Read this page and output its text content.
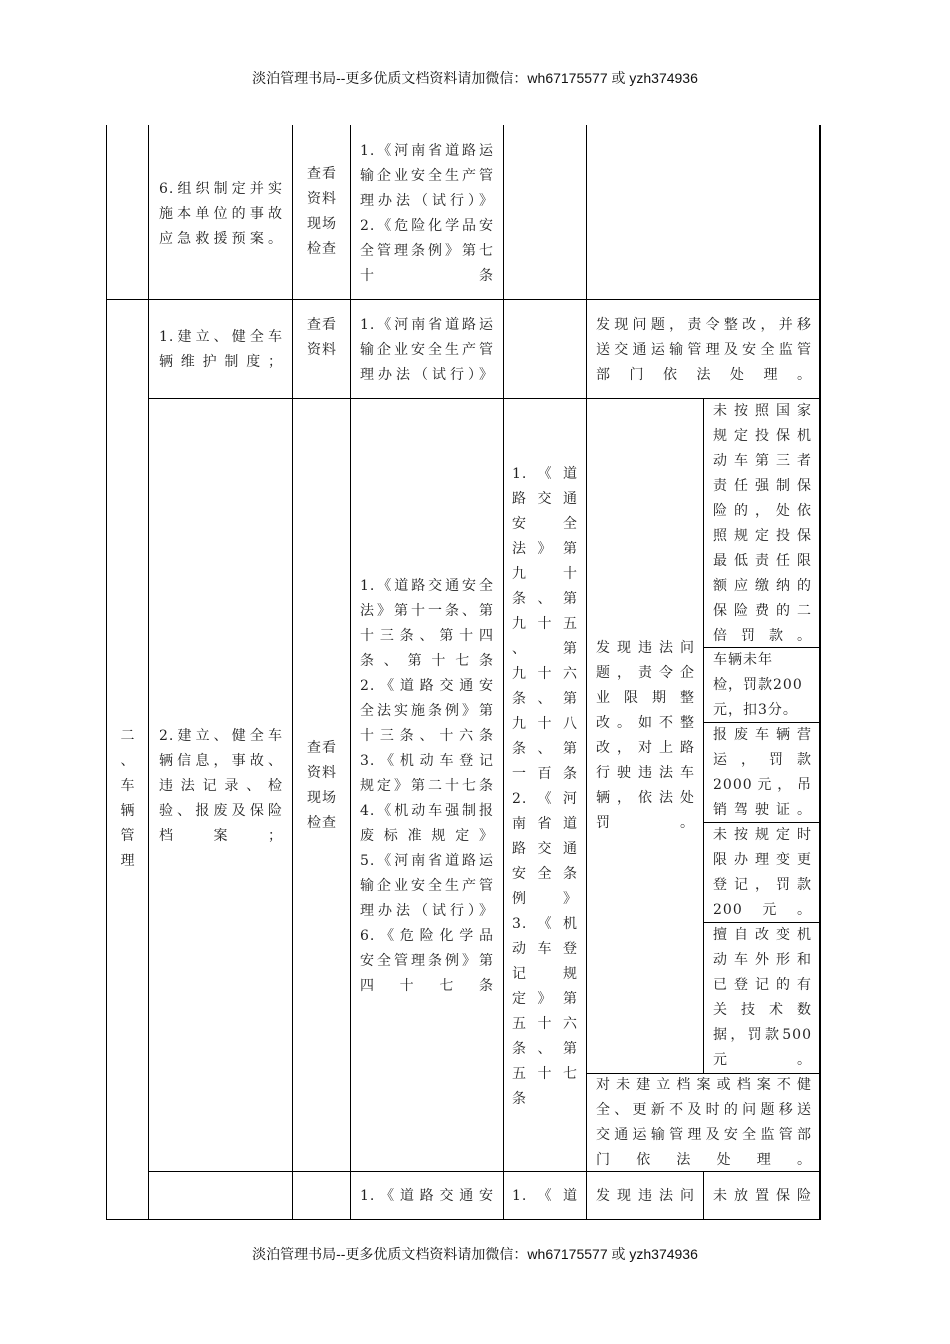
淡泊管理书局--更多优质文档资料请加微信：wh67175577 或 yzh374936
6.组织制定并实
施本单位的事故
应急救援预案。
查看
资料
现场
检查
1.《河南省道路运
输企业安全生产管
理办法（试行）》
2.《危险化学品安
全管理条例》第七
十条
1.建立、健全车
辆维护制度；
查看
资料
1.《河南省道路运
输企业安全生产管
理办法（试行）》
发现问题，责令整改，并移
送交通运输管理及安全监管
部门依法处理。
二
、
车
辆
管
理
2.建立、健全车
辆信息，事故、
违法记录、检
验、报废及保险
档案；
查看
资料
现场
检查
1.《道路交通安全
法》第十一条、第
十三条、第十四
条、第十七条
2.《道路交通安
全法实施条例》第
十三条、十六条
3.《机动车登记
规定》第二十七条
4.《机动车强制报
废标准规定》
5.《河南省道路运
输企业安全生产管
理办法（试行）》
6.《危险化学品
安全管理条例》第
四十七条
1.《道
路交通
安全
法》第
九十
条、第
九十五
、第
九十六
条、第
九十八
条、第
一百条
2.《河
南省道
路交通
安全条
例》
3.《机
动车登
记规
定》第
五十六
条、第
五十七
条
发现违法问
题，责令企
业限期整
改。如不整
改，对上路
行驶违法车
辆，依法处
罚。
未按照国家
规定投保机
动车第三者
责任强制保
险的，处依
照规定投保
最低责任限
额应缴纳的
保险费的二
倍罚款。
车辆未年
检，罚款200
元，扣3分。
报废车辆营
运，罚款
2000元，吊
销驾驶证。
未按规定时
限办理变更
登记，罚款
200元。
擅自改变机
动车外形和
已登记的有
关技术数
据，罚款500
元。
对未建立档案或档案不健
全、更新不及时的问题移送
交通运输管理及安全监管部
门依法处理。
1.《道路交通安 1.《道 发现违法问 未放置保险
淡泊管理书局--更多优质文档资料请加微信：wh67175577 或 yzh374936
